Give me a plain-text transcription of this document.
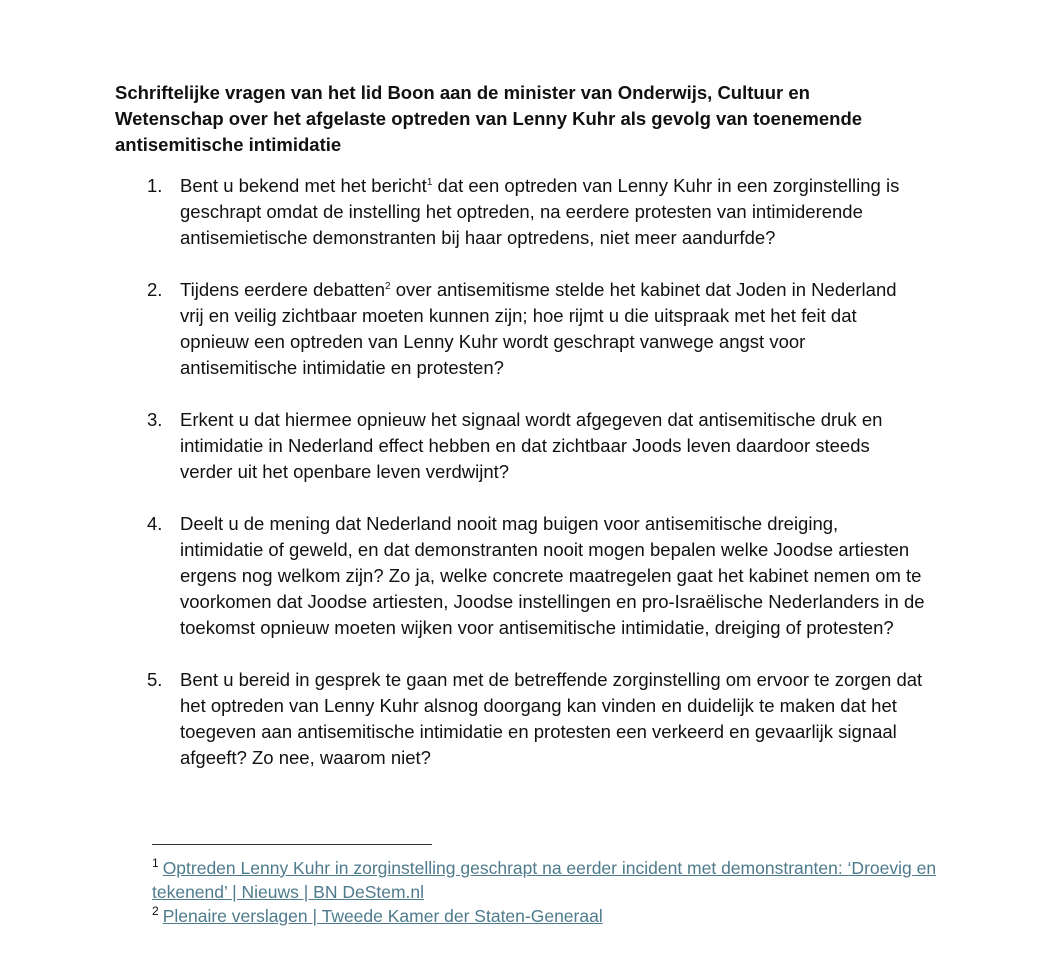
Schriftelijke vragen van het lid Boon aan de minister van Onderwijs, Cultuur en Wetenschap over het afgelaste optreden van Lenny Kuhr als gevolg van toenemende antisemitische intimidatie
1. Bent u bekend met het bericht$^1$ dat een optreden van Lenny Kuhr in een zorginstelling is geschrapt omdat de instelling het optreden, na eerdere protesten van intimiderende antisemietische demonstranten bij haar optredens, niet meer aandurfde?
2. Tijdens eerdere debatten$^2$ over antisemitisme stelde het kabinet dat Joden in Nederland vrij en veilig zichtbaar moeten kunnen zijn; hoe rijmt u die uitspraak met het feit dat opnieuw een optreden van Lenny Kuhr wordt geschrapt vanwege angst voor antisemitische intimidatie en protesten?
3. Erkent u dat hiermee opnieuw het signaal wordt afgegeven dat antisemitische druk en intimidatie in Nederland effect hebben en dat zichtbaar Joods leven daardoor steeds verder uit het openbare leven verdwijnt?
4. Deelt u de mening dat Nederland nooit mag buigen voor antisemitische dreiging, intimidatie of geweld, en dat demonstranten nooit mogen bepalen welke Joodse artiesten ergens nog welkom zijn? Zo ja, welke concrete maatregelen gaat het kabinet nemen om te voorkomen dat Joodse artiesten, Joodse instellingen en pro-Israëlische Nederlanders in de toekomst opnieuw moeten wijken voor antisemitische intimidatie, dreiging of protesten?
5. Bent u bereid in gesprek te gaan met de betreffende zorginstelling om ervoor te zorgen dat het optreden van Lenny Kuhr alsnog doorgang kan vinden en duidelijk te maken dat het toegeven aan antisemitische intimidatie en protesten een verkeerd en gevaarlijk signaal afgeeft? Zo nee, waarom niet?

$^1$ Optreden Lenny Kuhr in zorginstelling geschrapt na eerder incident met demonstranten: ‘Droevig en tekenend’ | Nieuws | BN DeStem.nl

$^2$ Plenaire verslagen | Tweede Kamer der Staten-Generaal
